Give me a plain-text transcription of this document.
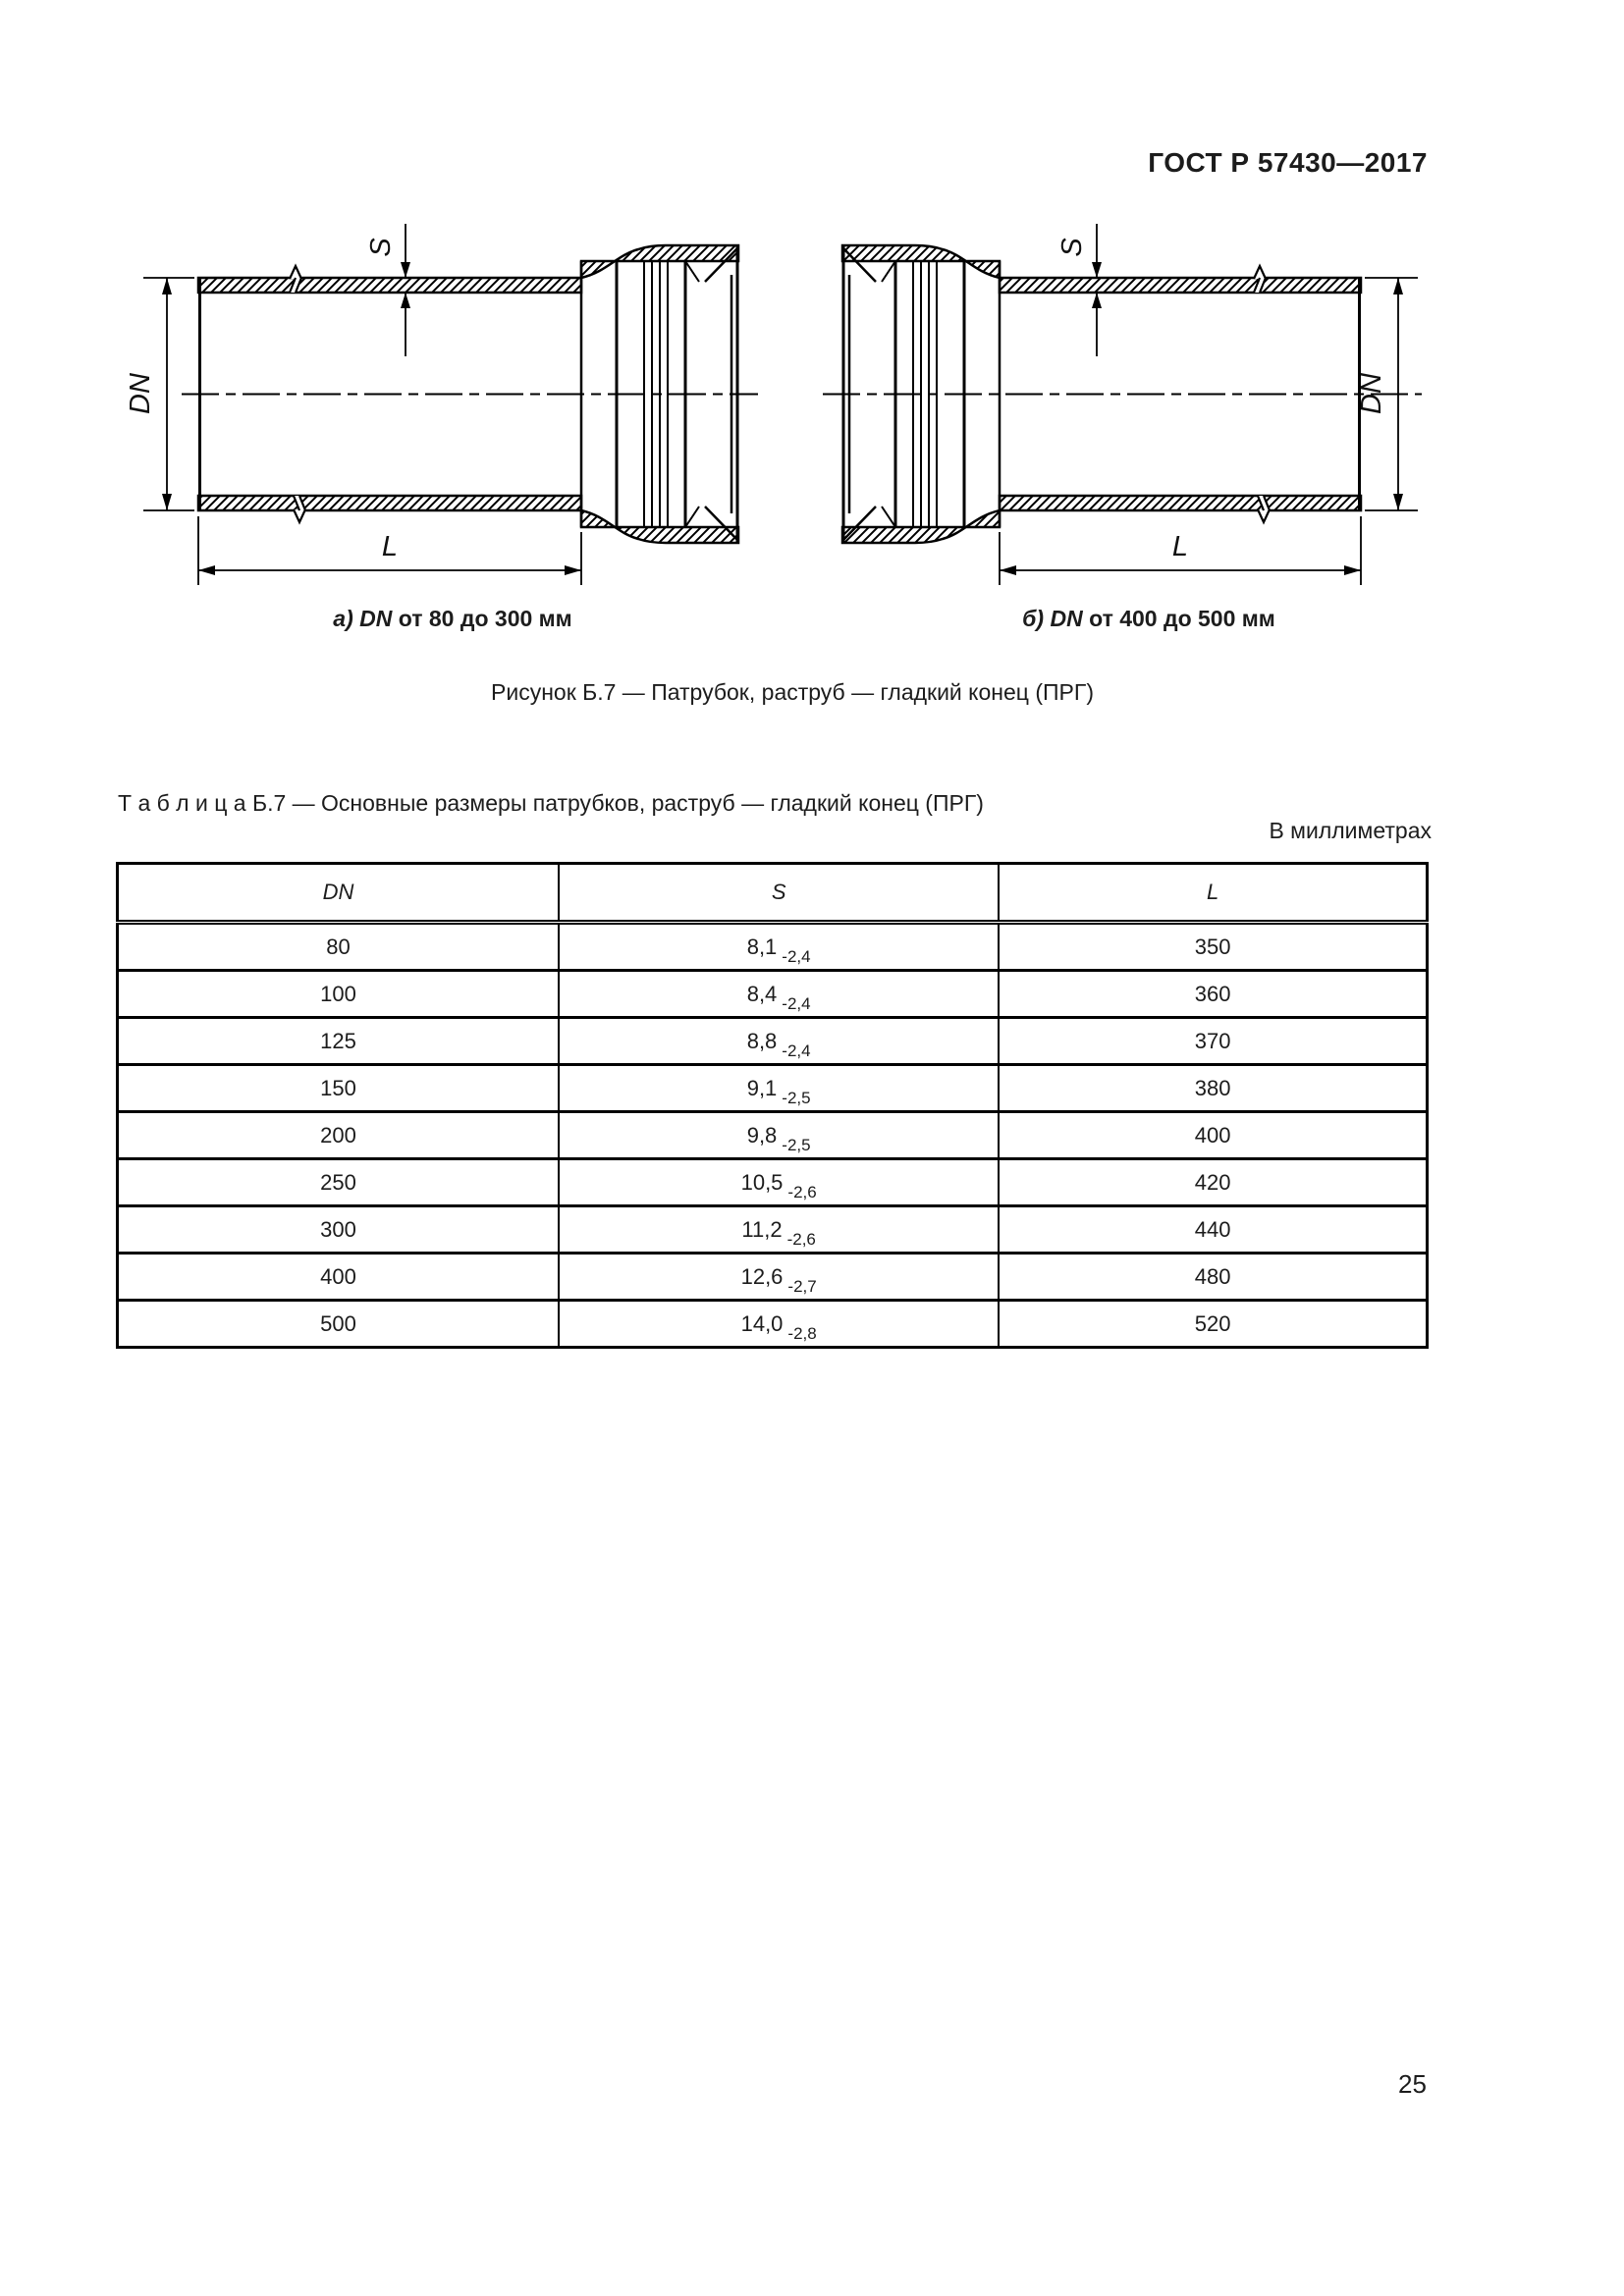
ГОСТ Р 57430—2017
DN
S
L
S
DN
L
а) DN от 80 до 300 мм	б) DN от 400 до 500 мм
Рисунок Б.7 — Патрубок, раструб — гладкий конец (ПРГ)
Т а б л и ц а Б.7 — Основные размеры патрубков, раструб — гладкий конец (ПРГ)
В миллиметрах
DN	S	L
80	8,1 -2,4	350
100	8,4 -2,4	360
125	8,8 -2,4	370
150	9,1 -2,5	380
200	9,8 -2,5	400
250	10,5 -2,6	420
300	11,2 -2,6	440
400	12,6 -2,7	480
500	14,0 -2,8	520
25
